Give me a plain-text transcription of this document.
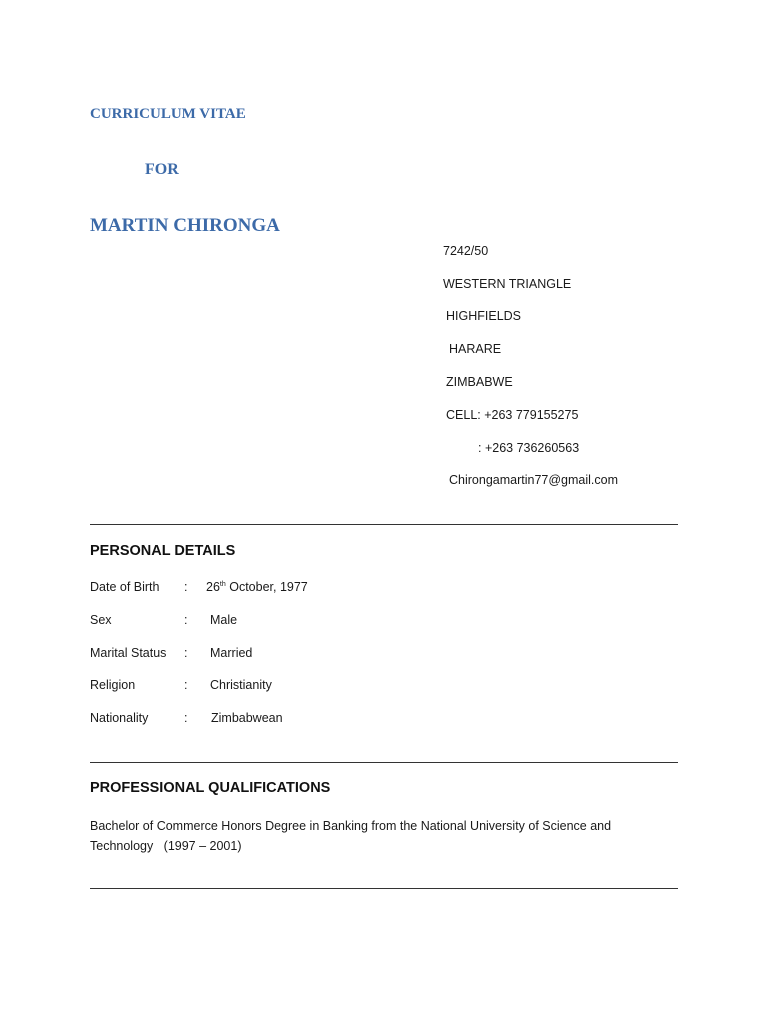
CURRICULUM VITAE
FOR
MARTIN CHIRONGA
7242/50
WESTERN TRIANGLE
HIGHFIELDS
HARARE
ZIMBABWE
CELL: +263 779155275
: +263 736260563
Chirongamartin77@gmail.com
PERSONAL DETAILS
Date of Birth : 26th October, 1977
Sex	: Male
Marital Status : Married
Religion	: Christianity
Nationality	: Zimbabwean
PROFESSIONAL QUALIFICATIONS
Bachelor of Commerce Honors Degree in Banking from the National University of Science and Technology   (1997 – 2001)
